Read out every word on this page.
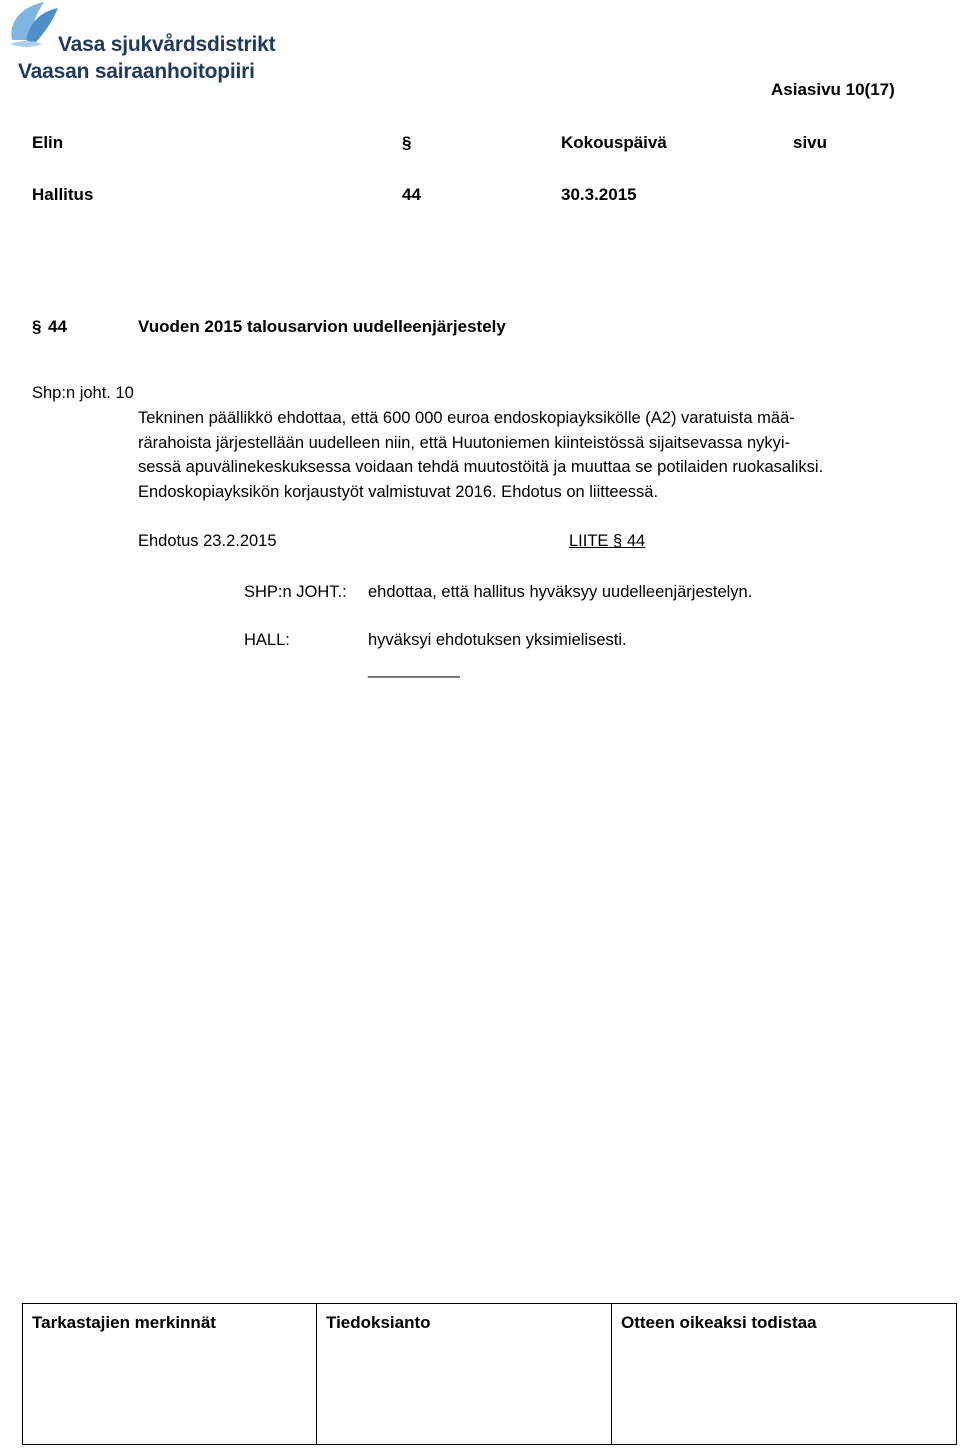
Vasa sjukvårdsdistrikt
Vaasan sairaanhoitopiiri
Asiasivu 10(17)
Elin	§	Kokouspäivä	sivu
Hallitus	44	30.3.2015
§ 44	Vuoden 2015 talousarvion uudelleenjärjestely
Shp:n joht. 10
Tekninen päällikkö ehdottaa, että 600 000 euroa endoskopiayksikölle (A2) varatuista mää-
rärahoista järjestellään uudelleen niin, että Huutoniemen kiinteistössä sijaitsevassa nykyi-
sessä apuvälinekeskuksessa voidaan tehdä muutostöitä ja muuttaa se potilaiden ruokasaliksi.
Endoskopiayksikön korjaustyöt valmistuvat 2016. Ehdotus on liitteessä.
Ehdotus 23.2.2015	LIITE § 44
SHP:n JOHT.: ehdottaa, että hallitus hyväksyy uudelleenjärjestelyn.
HALL:	hyväksyi ehdotuksen yksimielisesti.
__________
Tarkastajien merkinnät	Tiedoksianto	Otteen oikeaksi todistaa
